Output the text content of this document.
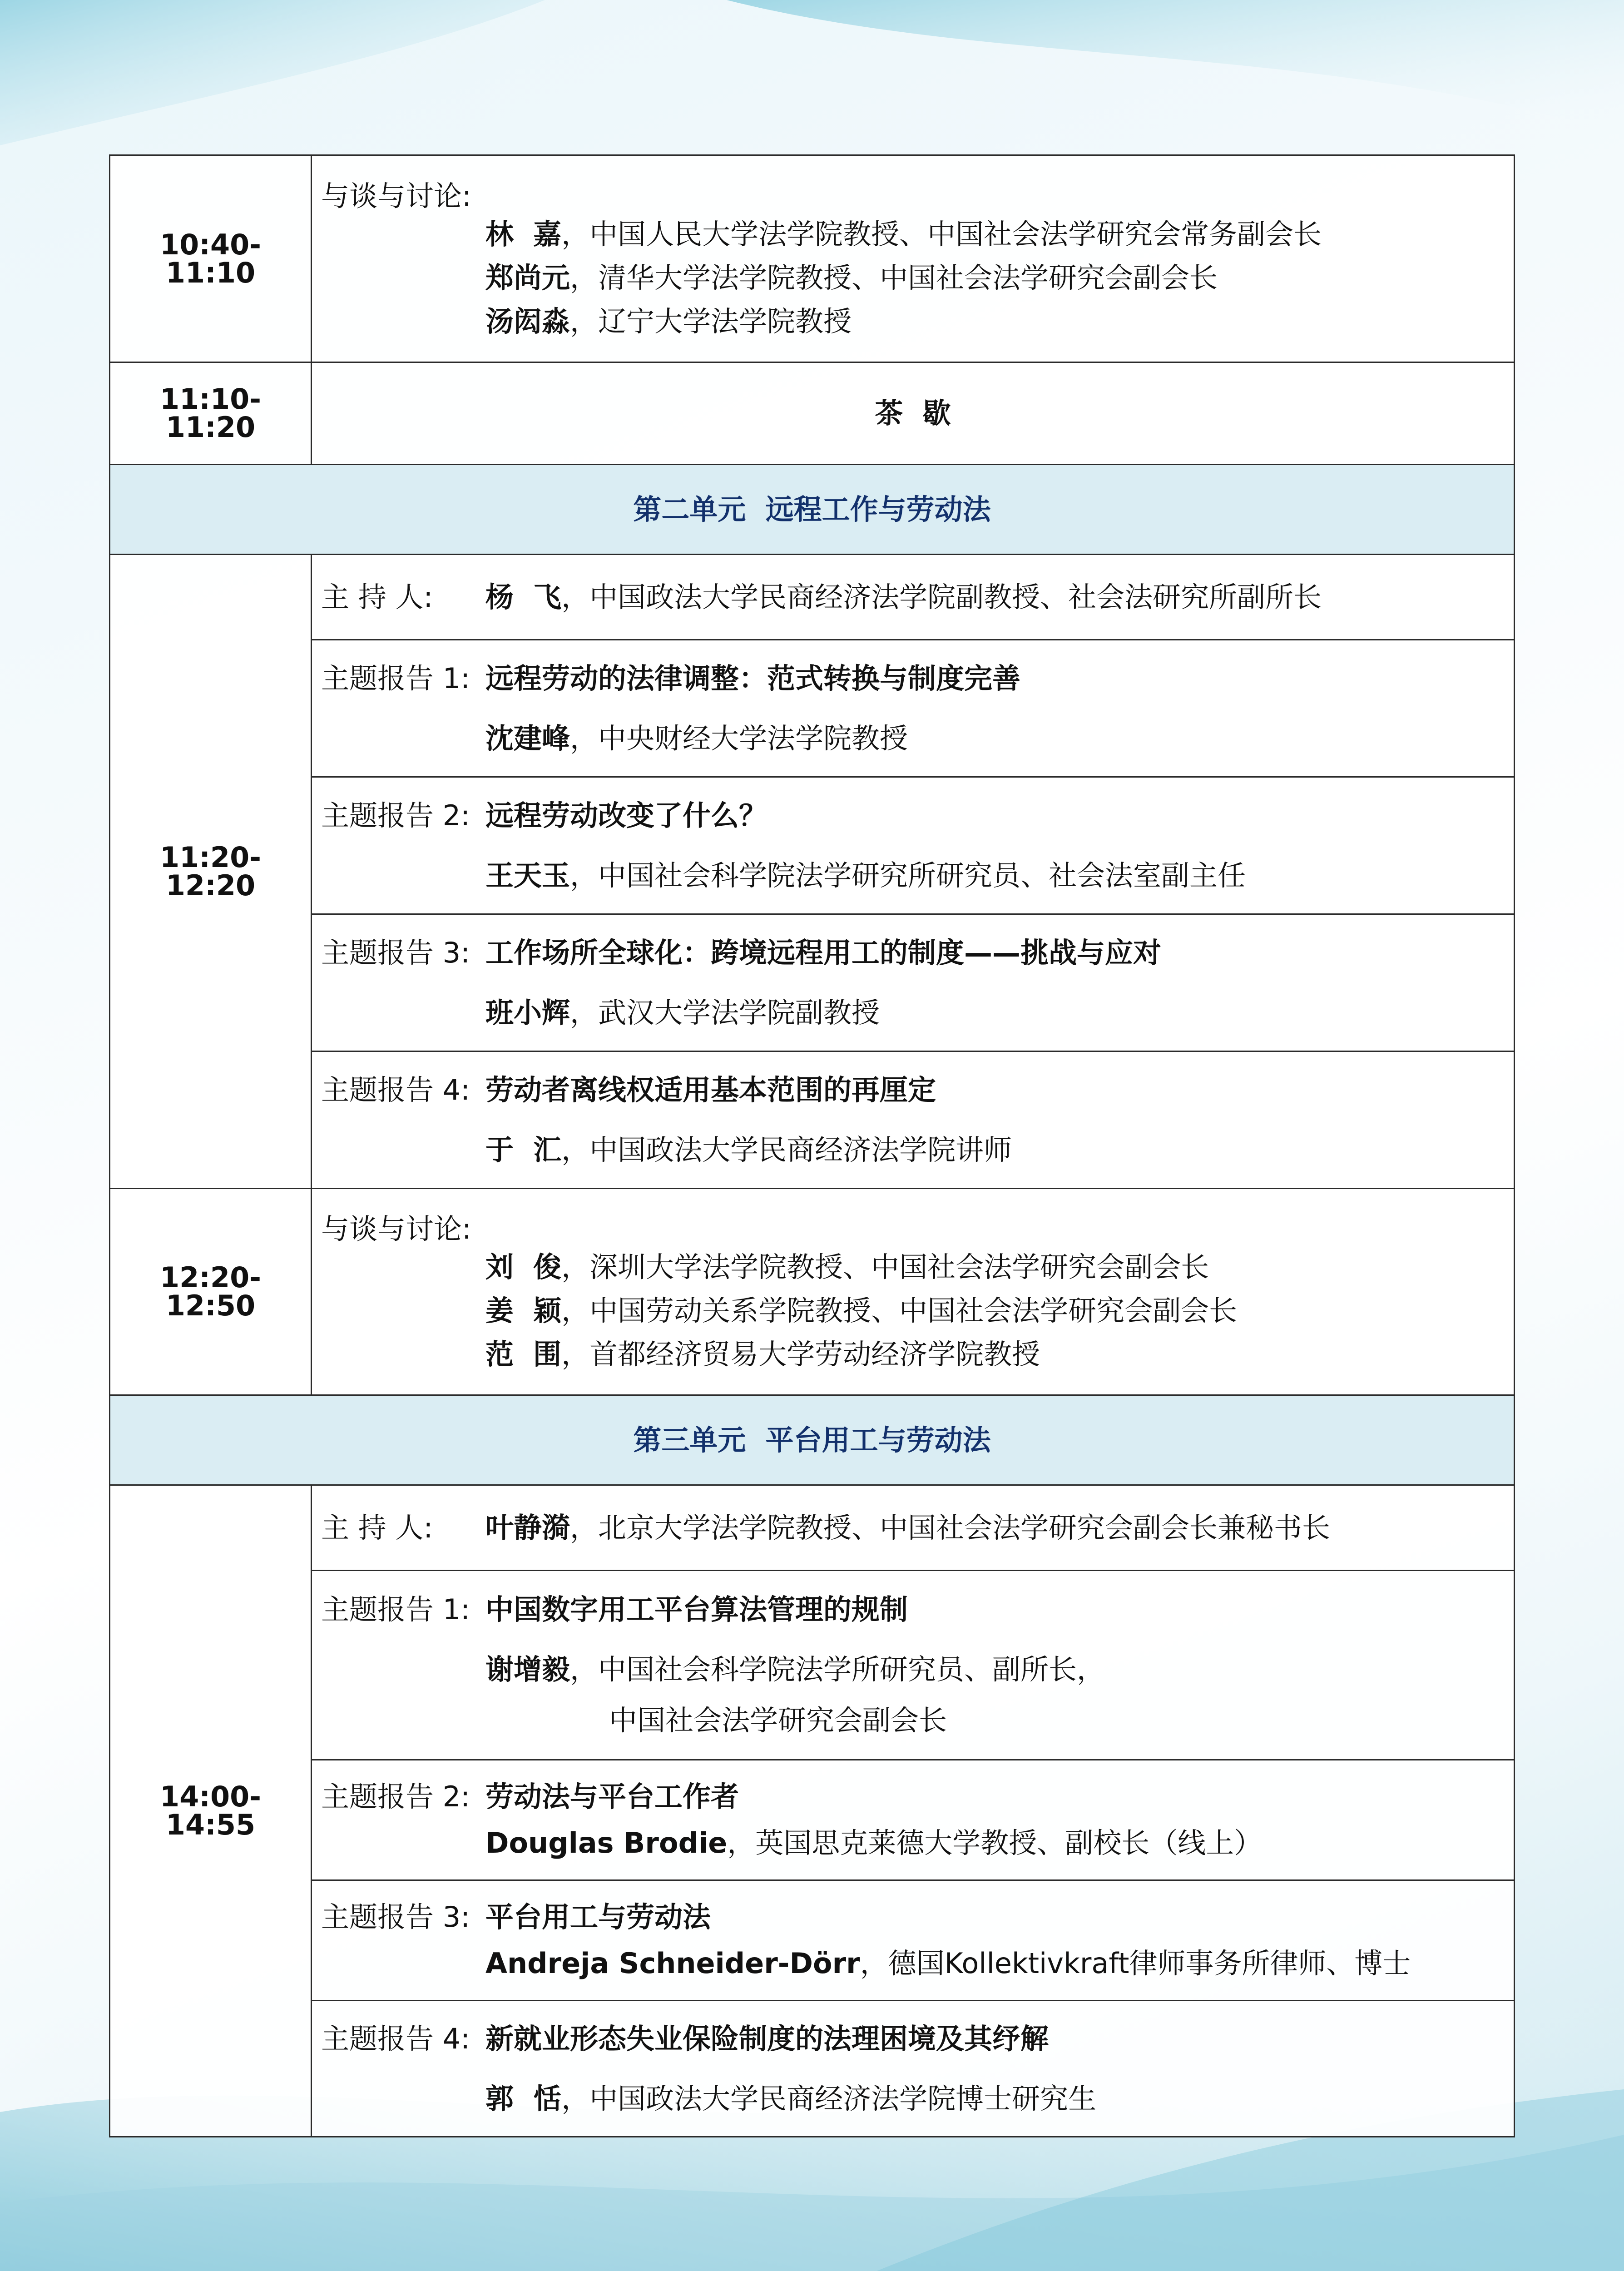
10:40-11:10	与谈与讨论:
林  嘉，中国人民大学法学院教授、中国社会法学研究会常务副会长
郑尚元，清华大学法学院教授、中国社会法学研究会副会长
汤闳淼，辽宁大学法学院教授

11:10-11:20	茶  歇
第二单元  远程工作与劳动法	
11:20-12:20	主 持 人: 杨  飞，中国政法大学民商经济法学院副教授、社会法研究所副所长

	主题报告 1: 远程劳动的法律调整：范式转换与制度完善
沈建峰，中央财经大学法学院教授

	主题报告 2: 远程劳动改变了什么？
王天玉，中国社会科学院法学研究所研究员、社会法室副主任

	主题报告 3: 工作场所全球化：跨境远程用工的制度——挑战与应对
班小辉，武汉大学法学院副教授

	主题报告 4: 劳动者离线权适用基本范围的再厘定
于  汇，中国政法大学民商经济法学院讲师

12:20-12:50	与谈与讨论:
刘  俊，深圳大学法学院教授、中国社会法学研究会副会长
姜  颖，中国劳动关系学院教授、中国社会法学研究会副会长
范  围，首都经济贸易大学劳动经济学院教授

第三单元  平台用工与劳动法	
14:00-14:55	主 持 人: 叶静漪，北京大学法学院教授、中国社会法学研究会副会长兼秘书长

	主题报告 1: 中国数字用工平台算法管理的规制
谢增毅，中国社会科学院法学所研究员、副所长，
中国社会法学研究会副会长

	主题报告 2: 劳动法与平台工作者
Douglas Brodie，英国思克莱德大学教授、副校长（线上）

	主题报告 3: 平台用工与劳动法
Andreja Schneider-Dörr，德国Kollektivkraft律师事务所律师、博士

	主题报告 4: 新就业形态失业保险制度的法理困境及其纾解
郭  恬，中国政法大学民商经济法学院博士研究生
